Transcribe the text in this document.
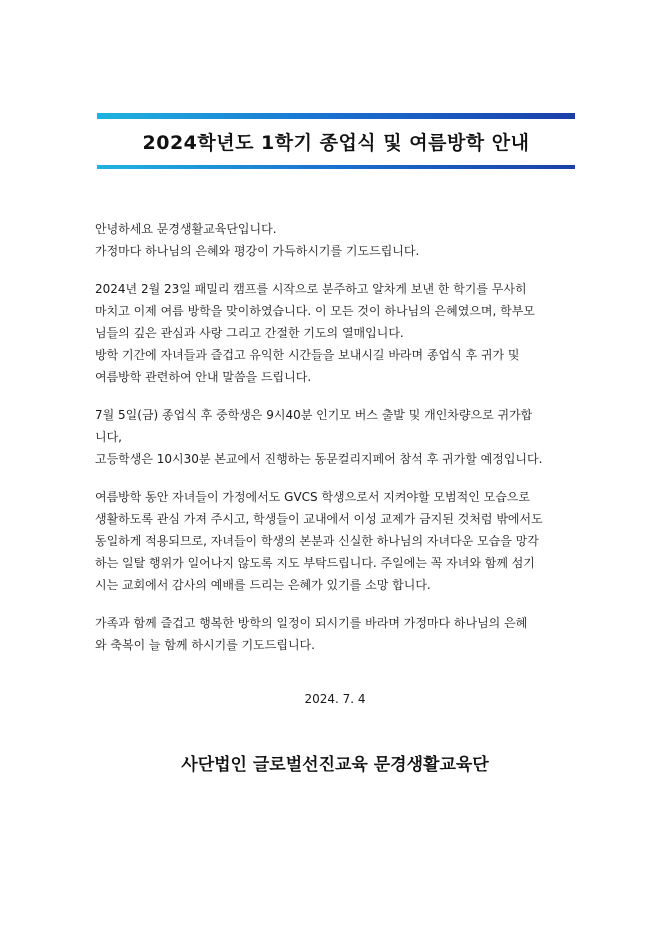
2024학년도 1학기 종업식 및 여름방학 안내

안녕하세요 문경생활교육단입니다.
가정마다 하나님의 은혜와 평강이 가득하시기를 기도드립니다.

2024년 2월 23일 패밀리 캠프를 시작으로 분주하고 알차게 보낸 한 학기를 무사히
마치고 이제 여름 방학을 맞이하였습니다. 이 모든 것이 하나님의 은혜였으며, 학부모
님들의 깊은 관심과 사랑 그리고 간절한 기도의 열매입니다.
방학 기간에 자녀들과 즐겁고 유익한 시간들을 보내시길 바라며 종업식 후 귀가 및
여름방학 관련하여 안내 말씀을 드립니다.

7월 5일(금) 종업식 후 중학생은 9시40분 인기모 버스 출발 및 개인차량으로 귀가합
니다,
고등학생은 10시30분 본교에서 진행하는 동문컬리지페어 참석 후 귀가할 예정입니다.

여름방학 동안 자녀들이 가정에서도 GVCS 학생으로서 지켜야할 모범적인 모습으로
생활하도록 관심 가져 주시고, 학생들이 교내에서 이성 교제가 금지된 것처럼 밖에서도
동일하게 적용되므로, 자녀들이 학생의 본분과 신실한 하나님의 자녀다운 모습을 망각
하는 일탈 행위가 일어나지 않도록 지도 부탁드립니다. 주일에는 꼭 자녀와 함께 섬기
시는 교회에서 감사의 예배를 드리는 은혜가 있기를 소망 합니다.

가족과 함께 즐겁고 행복한 방학의 일정이 되시기를 바라며 가정마다 하나님의 은혜
와 축복이 늘 함께 하시기를 기도드립니다.

2024. 7. 4
사단법인 글로벌선진교육 문경생활교육단
